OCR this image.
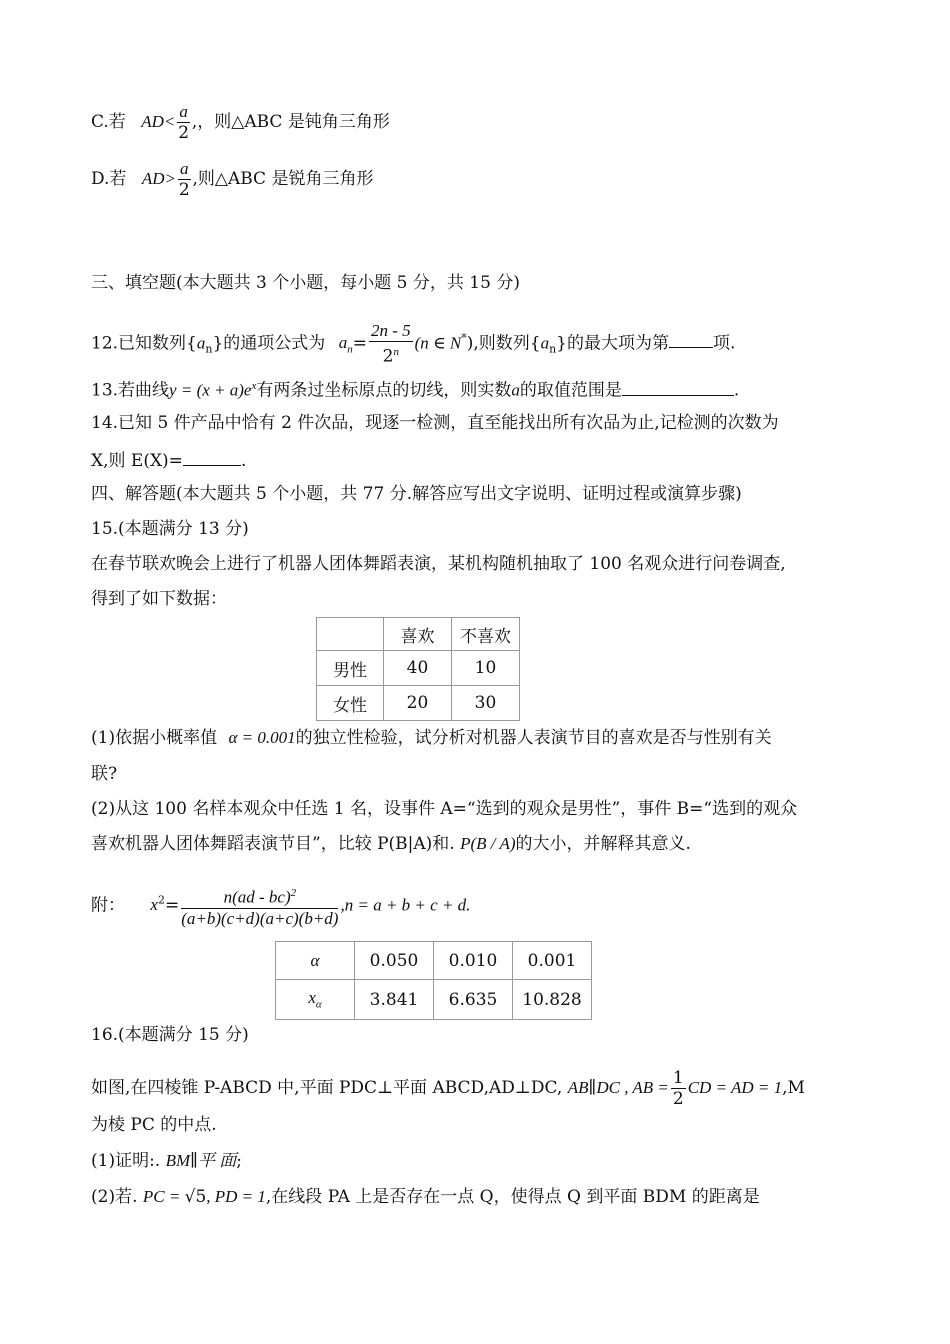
C.若 $AD< \frac{a}{2}$ ,，则△ABC 是钝角三角形
D.若 $AD> \frac{a}{2}$ ,则△ABC 是锐角三角形
三、填空题(本大题共 3 个小题，每小题 5 分，共 15 分)
12.已知数列$\{a_n\}$的通项公式为 $a_n= \frac{2n - 5}{2^n} (n$ ∈ N*),则数列$\{a_n\}$的最大项为第	项.
13.若曲线$y = (x + a)e^x$有两条过坐标原点的切线，则实数a的取值范围是	.
14.已知 5 件产品中恰有 2 件次品，现逐一检测，直至能找出所有次品为止,记检测的次数为
X,则 E(X)=	.
四、解答题(本大题共 5 个小题，共 77 分.解答应写出文字说明、证明过程或演算步骤)
15.(本题满分 13 分)
在春节联欢晚会上进行了机器人团体舞蹈表演，某机构随机抽取了 100 名观众进行问卷调查,
得到了如下数据：
	喜欢	不喜欢
男性	40	10
女性	20	30
(1)依据小概率值 α = 0.001的独立性检验，试分析对机器人表演节目的喜欢是否与性别有关
联?
(2)从这 100 名样本观众中任选 1 名，设事件 A=“选到的观众是男性”，事件 B=“选到的观众
喜欢机器人团体舞蹈表演节目”，比较 P(B|A)和. P(B / A)的大小，并解释其意义.
附： $x^2= \frac{n(ad - bc)^2}{(a+b)(c+d)(a+c)(b+d)} ,n = a + b + c + d$.
α	0.050	0.010	0.001
$x_\alpha$	3.841	6.635	10.828
16.(本题满分 15 分)
如图,在四棱锥 P-ABCD 中,平面 PDC⊥平面 ABCD,AD⊥DC, AB∥DC , AB = $\frac{1}{2}$ CD = AD = 1,M
为棱 PC 的中点.
(1)证明:. BM∥平 面;
(2)若. PC = √5, PD = 1,在线段 PA 上是否存在一点 Q，使得点 Q 到平面 BDM 的距离是
